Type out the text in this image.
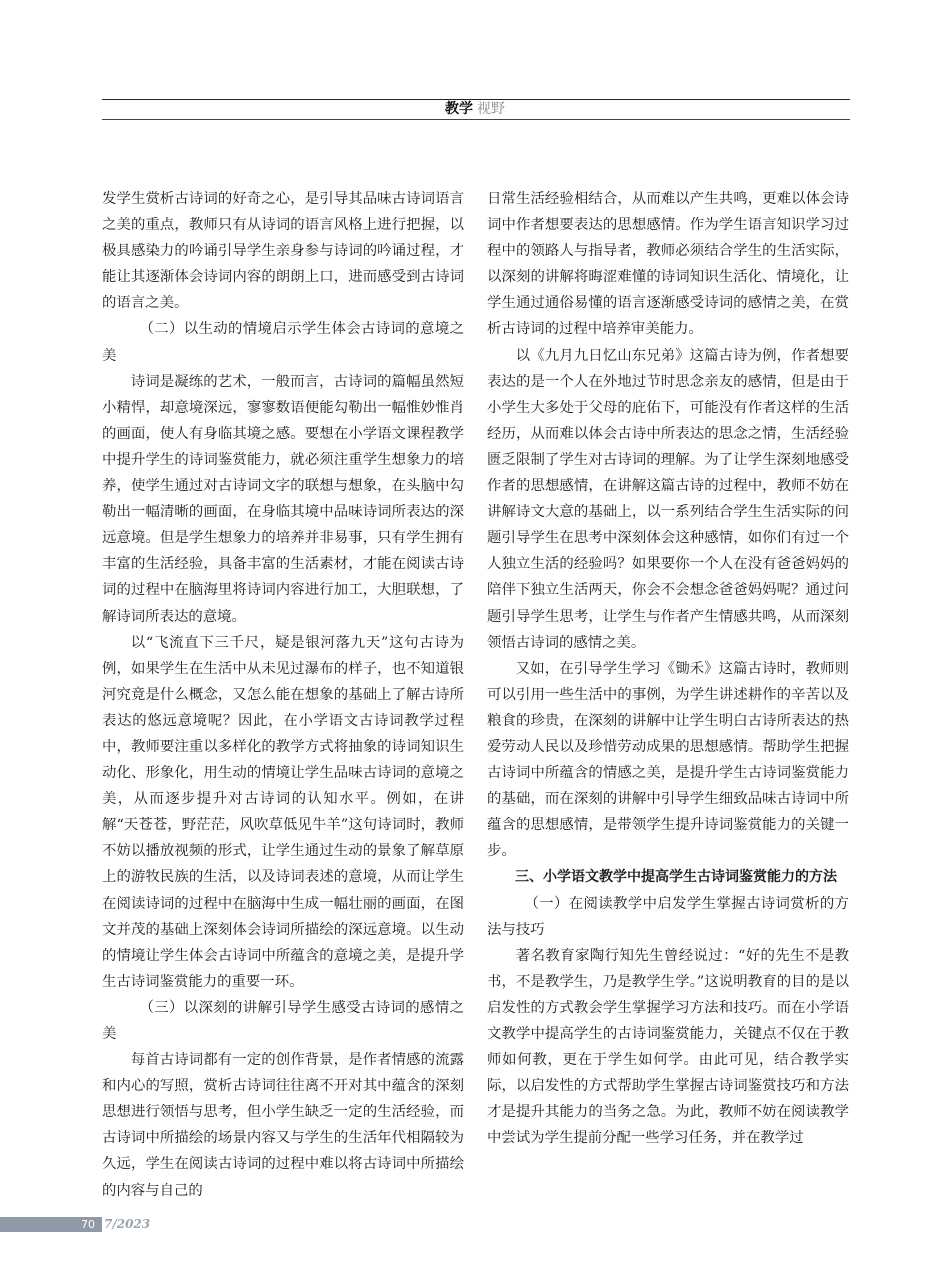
教学 视野

发学生赏析古诗词的好奇之心，是引导其品味古诗词语言之美的重点，教师只有从诗词的语言风格上进行把握，以极具感染力的吟诵引导学生亲身参与诗词的吟诵过程，才能让其逐渐体会诗词内容的朗朗上口，进而感受到古诗词的语言之美。

（二）以生动的情境启示学生体会古诗词的意境之美

诗词是凝练的艺术，一般而言，古诗词的篇幅虽然短小精悍，却意境深远，寥寥数语便能勾勒出一幅惟妙惟肖的画面，使人有身临其境之感。要想在小学语文课程教学中提升学生的诗词鉴赏能力，就必须注重学生想象力的培养，使学生通过对古诗词文字的联想与想象，在头脑中勾勒出一幅清晰的画面，在身临其境中品味诗词所表达的深远意境。但是学生想象力的培养并非易事，只有学生拥有丰富的生活经验，具备丰富的生活素材，才能在阅读古诗词的过程中在脑海里将诗词内容进行加工，大胆联想，了解诗词所表达的意境。

以“飞流直下三千尺，疑是银河落九天”这句古诗为例，如果学生在生活中从未见过瀑布的样子，也不知道银河究竟是什么概念，又怎么能在想象的基础上了解古诗所表达的悠远意境呢？因此，在小学语文古诗词教学过程中，教师要注重以多样化的教学方式将抽象的诗词知识生动化、形象化，用生动的情境让学生品味古诗词的意境之美，从而逐步提升对古诗词的认知水平。例如，在讲解“天苍苍，野茫茫，风吹草低见牛羊”这句诗词时，教师不妨以播放视频的形式，让学生通过生动的景象了解草原上的游牧民族的生活，以及诗词表述的意境，从而让学生在阅读诗词的过程中在脑海中生成一幅壮丽的画面，在图文并茂的基础上深刻体会诗词所描绘的深远意境。以生动的情境让学生体会古诗词中所蕴含的意境之美，是提升学生古诗词鉴赏能力的重要一环。

（三）以深刻的讲解引导学生感受古诗词的感情之美

每首古诗词都有一定的创作背景，是作者情感的流露和内心的写照，赏析古诗词往往离不开对其中蕴含的深刻思想进行领悟与思考，但小学生缺乏一定的生活经验，而古诗词中所描绘的场景内容又与学生的生活年代相隔较为久远，学生在阅读古诗词的过程中难以将古诗词中所描绘的内容与自己的

日常生活经验相结合，从而难以产生共鸣，更难以体会诗词中作者想要表达的思想感情。作为学生语言知识学习过程中的领路人与指导者，教师必须结合学生的生活实际，以深刻的讲解将晦涩难懂的诗词知识生活化、情境化，让学生通过通俗易懂的语言逐渐感受诗词的感情之美，在赏析古诗词的过程中培养审美能力。

以《九月九日忆山东兄弟》这篇古诗为例，作者想要表达的是一个人在外地过节时思念亲友的感情，但是由于小学生大多处于父母的庇佑下，可能没有作者这样的生活经历，从而难以体会古诗中所表达的思念之情，生活经验匮乏限制了学生对古诗词的理解。为了让学生深刻地感受作者的思想感情，在讲解这篇古诗的过程中，教师不妨在讲解诗文大意的基础上，以一系列结合学生生活实际的问题引导学生在思考中深刻体会这种感情，如你们有过一个人独立生活的经验吗？如果要你一个人在没有爸爸妈妈的陪伴下独立生活两天，你会不会想念爸爸妈妈呢？通过问题引导学生思考，让学生与作者产生情感共鸣，从而深刻领悟古诗词的感情之美。

又如，在引导学生学习《锄禾》这篇古诗时，教师则可以引用一些生活中的事例，为学生讲述耕作的辛苦以及粮食的珍贵，在深刻的讲解中让学生明白古诗所表达的热爱劳动人民以及珍惜劳动成果的思想感情。帮助学生把握古诗词中所蕴含的情感之美，是提升学生古诗词鉴赏能力的基础，而在深刻的讲解中引导学生细致品味古诗词中所蕴含的思想感情，是带领学生提升诗词鉴赏能力的关键一步。

三、小学语文教学中提高学生古诗词鉴赏能力的方法

（一）在阅读教学中启发学生掌握古诗词赏析的方法与技巧

著名教育家陶行知先生曾经说过：“好的先生不是教书，不是教学生，乃是教学生学。”这说明教育的目的是以启发性的方式教会学生掌握学习方法和技巧。而在小学语文教学中提高学生的古诗词鉴赏能力，关键点不仅在于教师如何教，更在于学生如何学。由此可见，结合教学实际，以启发性的方式帮助学生掌握古诗词鉴赏技巧和方法才是提升其能力的当务之急。为此，教师不妨在阅读教学中尝试为学生提前分配一些学习任务，并在教学过

70 7/2023
